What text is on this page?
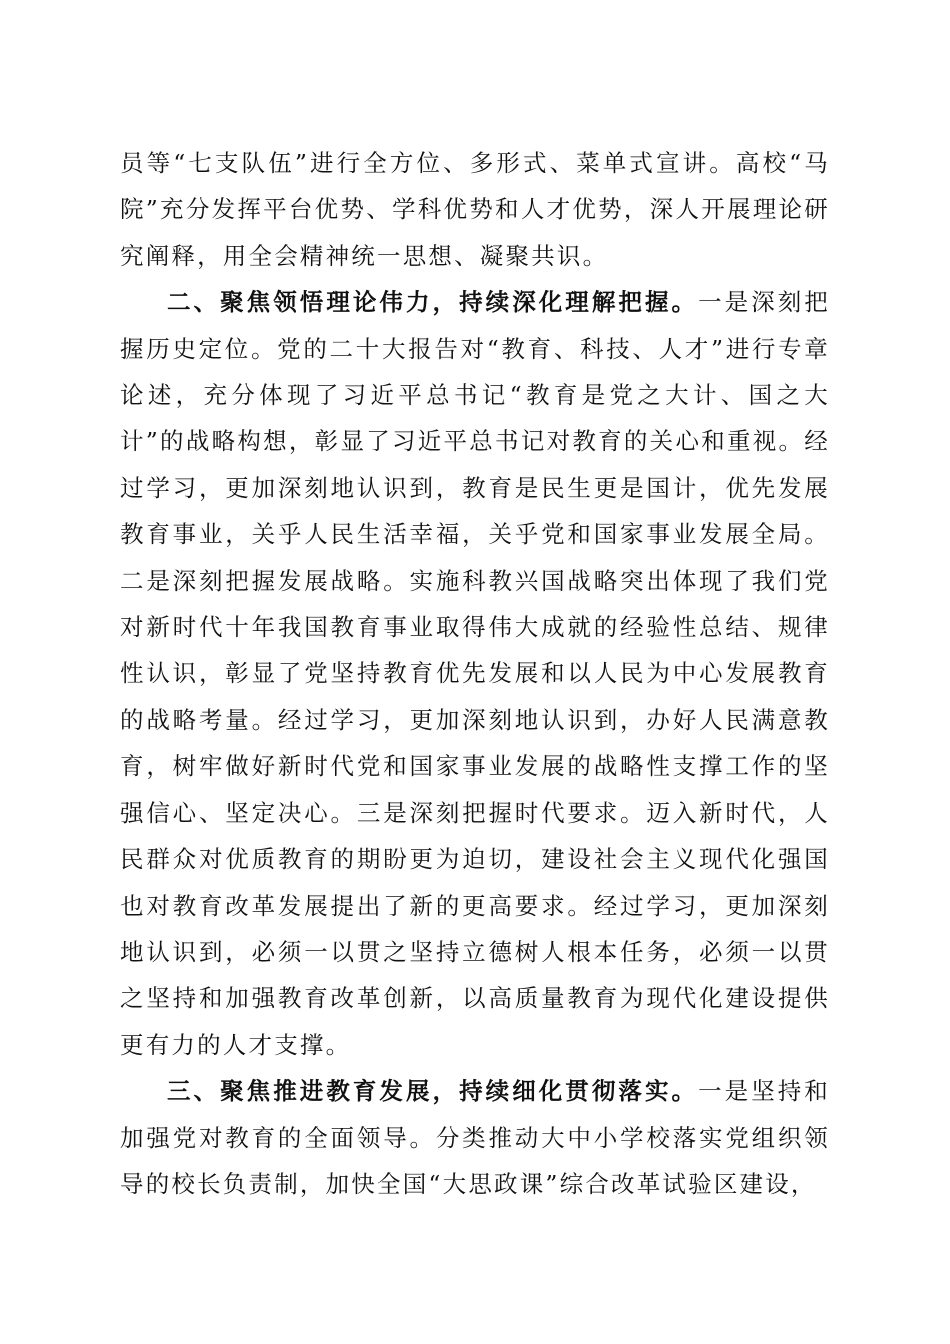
员等“七支队伍”进行全方位、多形式、菜单式宣讲。高校“马院”充分发挥平台优势、学科优势和人才优势，深人开展理论研究阐释，用全会精神统一思想、凝聚共识。

二、聚焦领悟理论伟力，持续深化理解把握。一是深刻把握历史定位。党的二十大报告对“教育、科技、人才”进行专章论述，充分体现了习近平总书记“教育是党之大计、国之大计”的战略构想，彰显了习近平总书记对教育的关心和重视。经过学习，更加深刻地认识到，教育是民生更是国计，优先发展教育事业，关乎人民生活幸福，关乎党和国家事业发展全局。二是深刻把握发展战略。实施科教兴国战略突出体现了我们党对新时代十年我国教育事业取得伟大成就的经验性总结、规律性认识，彰显了党坚持教育优先发展和以人民为中心发展教育的战略考量。经过学习，更加深刻地认识到，办好人民满意教育，树牢做好新时代党和国家事业发展的战略性支撑工作的坚强信心、坚定决心。三是深刻把握时代要求。迈入新时代，人民群众对优质教育的期盼更为迫切，建设社会主义现代化强国也对教育改革发展提出了新的更高要求。经过学习，更加深刻地认识到，必须一以贯之坚持立德树人根本任务，必须一以贯之坚持和加强教育改革创新，以高质量教育为现代化建设提供更有力的人才支撑。

三、聚焦推进教育发展，持续细化贯彻落实。一是坚持和加强党对教育的全面领导。分类推动大中小学校落实党组织领导的校长负责制，加快全国“大思政课”综合改革试验区建设，
